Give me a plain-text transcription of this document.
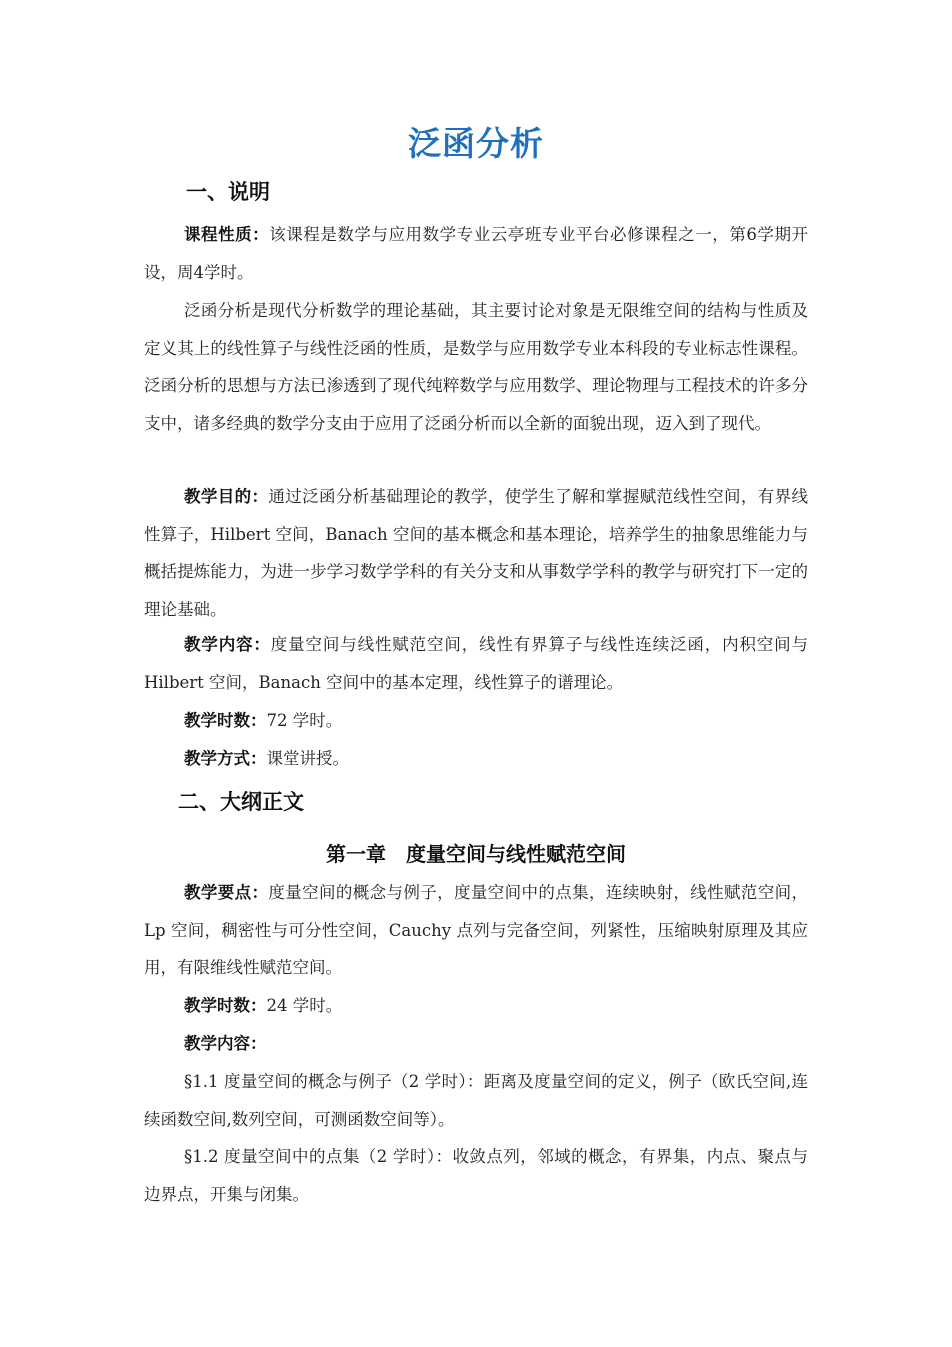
泛函分析
一、说明
课程性质：该课程是数学与应用数学专业云亭班专业平台必修课程之一，第6学期开设，周4学时。
泛函分析是现代分析数学的理论基础，其主要讨论对象是无限维空间的结构与性质及定义其上的线性算子与线性泛函的性质，是数学与应用数学专业本科段的专业标志性课程。泛函分析的思想与方法已渗透到了现代纯粹数学与应用数学、理论物理与工程技术的许多分支中，诸多经典的数学分支由于应用了泛函分析而以全新的面貌出现，迈入到了现代。
教学目的：通过泛函分析基础理论的教学，使学生了解和掌握赋范线性空间，有界线性算子，Hilbert 空间，Banach 空间的基本概念和基本理论，培养学生的抽象思维能力与概括提炼能力，为进一步学习数学学科的有关分支和从事数学学科的教学与研究打下一定的理论基础。
教学内容：度量空间与线性赋范空间，线性有界算子与线性连续泛函，内积空间与 Hilbert 空间，Banach 空间中的基本定理，线性算子的谱理论。
教学时数：72 学时。
教学方式：课堂讲授。
二、大纲正文
第一章　度量空间与线性赋范空间
教学要点：度量空间的概念与例子，度量空间中的点集，连续映射，线性赋范空间，Lp 空间，稠密性与可分性空间，Cauchy 点列与完备空间，列紧性，压缩映射原理及其应用，有限维线性赋范空间。
教学时数：24 学时。
教学内容：
§1.1 度量空间的概念与例子（2 学时）：距离及度量空间的定义，例子（欧氏空间,连续函数空间,数列空间，可测函数空间等）。
§1.2 度量空间中的点集（2 学时）：收敛点列，邻域的概念，有界集，内点、聚点与边界点，开集与闭集。
